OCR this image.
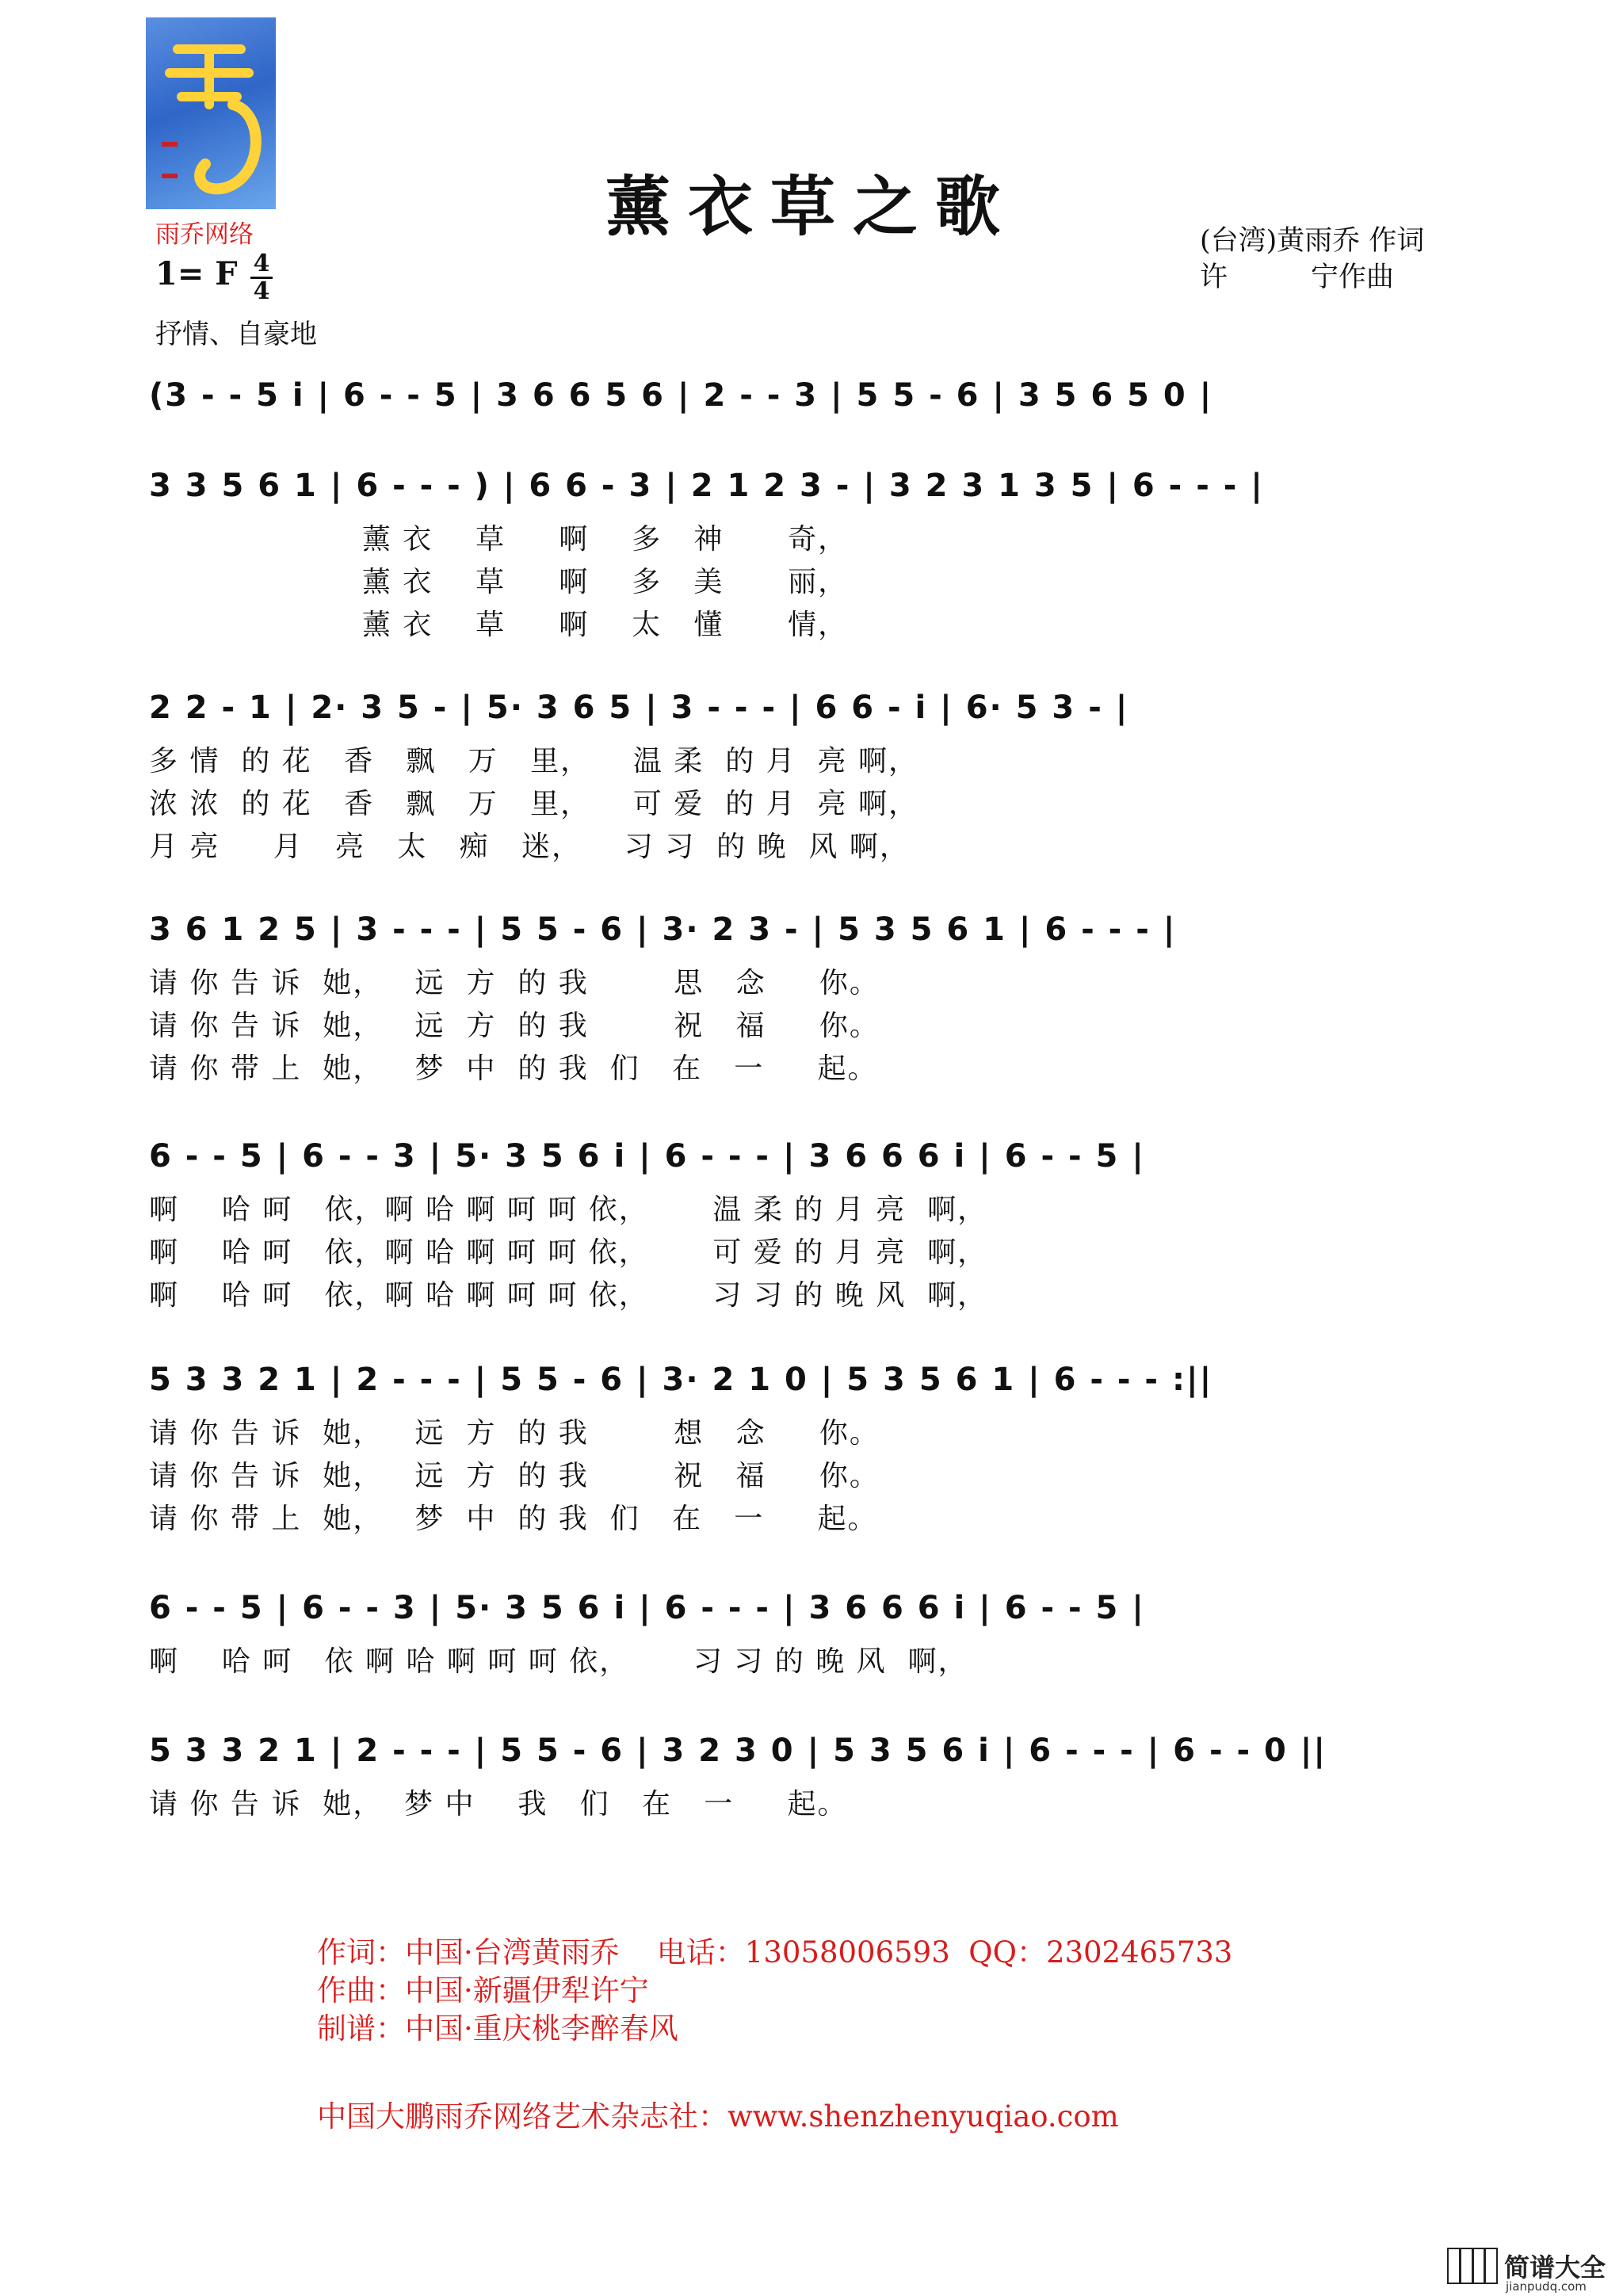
雨乔网络	薰衣草之歌	(台湾)黄雨乔 作词
许　　　宁作曲
1= F 4
4
抒情、自豪地
(3 - - 5 i | 6 - - 5 | 3 6 6 5 6 | 2 - - 3 | 5 5 - 6 | 3 5 6 5 0 |
3 3 5 6 1 | 6 - - - ) | 6 6 - 3 | 2 1 2 3 - | 3 2 3 1 3 5 | 6 - - - |
薰 衣    草     啊    多   神      奇，
薰 衣    草     啊    多   美      丽，
薰 衣    草     啊    太   懂      情，
2 2 - 1 | 2· 3 5 - | 5· 3 6 5 | 3 - - - | 6 6 - i | 6· 5 3 - |
多 情  的 花   香   飘   万   里，    温 柔  的 月  亮 啊，
浓 浓  的 花   香   飘   万   里，    可 爱  的 月  亮 啊，
月 亮     月   亮   太   痴   迷，    习 习  的 晚  风 啊，
3 6 1 2 5 | 3 - - - | 5 5 - 6 | 3· 2 3 - | 5 3 5 6 1 | 6 - - - |
请 你 告 诉  她，   远  方  的 我        思   念     你。
请 你 告 诉  她，   远  方  的 我        祝   福     你。
请 你 带 上  她，   梦  中  的 我  们   在   一     起。
6 - - 5 | 6 - - 3 | 5· 3 5 6 i | 6 - - - | 3 6 6 6 i | 6 - - 5 |
啊    哈 呵   依，啊 哈 啊 呵 呵 依，      温 柔 的 月 亮  啊，
啊    哈 呵   依，啊 哈 啊 呵 呵 依，      可 爱 的 月 亮  啊，
啊    哈 呵   依，啊 哈 啊 呵 呵 依，      习 习 的 晚 风  啊，
5 3 3 2 1 | 2 - - - | 5 5 - 6 | 3· 2 1 0 | 5 3 5 6 1 | 6 - - - :||
请 你 告 诉  她，   远  方  的 我        想   念     你。
请 你 告 诉  她，   远  方  的 我        祝   福     你。
请 你 带 上  她，   梦  中  的 我  们   在   一     起。
6 - - 5 | 6 - - 3 | 5· 3 5 6 i | 6 - - - | 3 6 6 6 i | 6 - - 5 |
啊    哈 呵   依 啊 哈 啊 呵 呵 依，      习 习 的 晚 风  啊，
5 3 3 2 1 | 2 - - - | 5 5 - 6 | 3 2 3 0 | 5 3 5 6 i | 6 - - - | 6 - - 0 ||
请 你 告 诉  她，  梦 中    我   们   在   一     起。
作词：中国·台湾黄雨乔    电话：13058006593  QQ：2302465733
作曲：中国·新疆伊犁许宁
制谱：中国·重庆桃李醉春风
中国大鹏雨乔网络艺术杂志社：www.shenzhenyuqiao.com
简谱大全
jianpudq.com
